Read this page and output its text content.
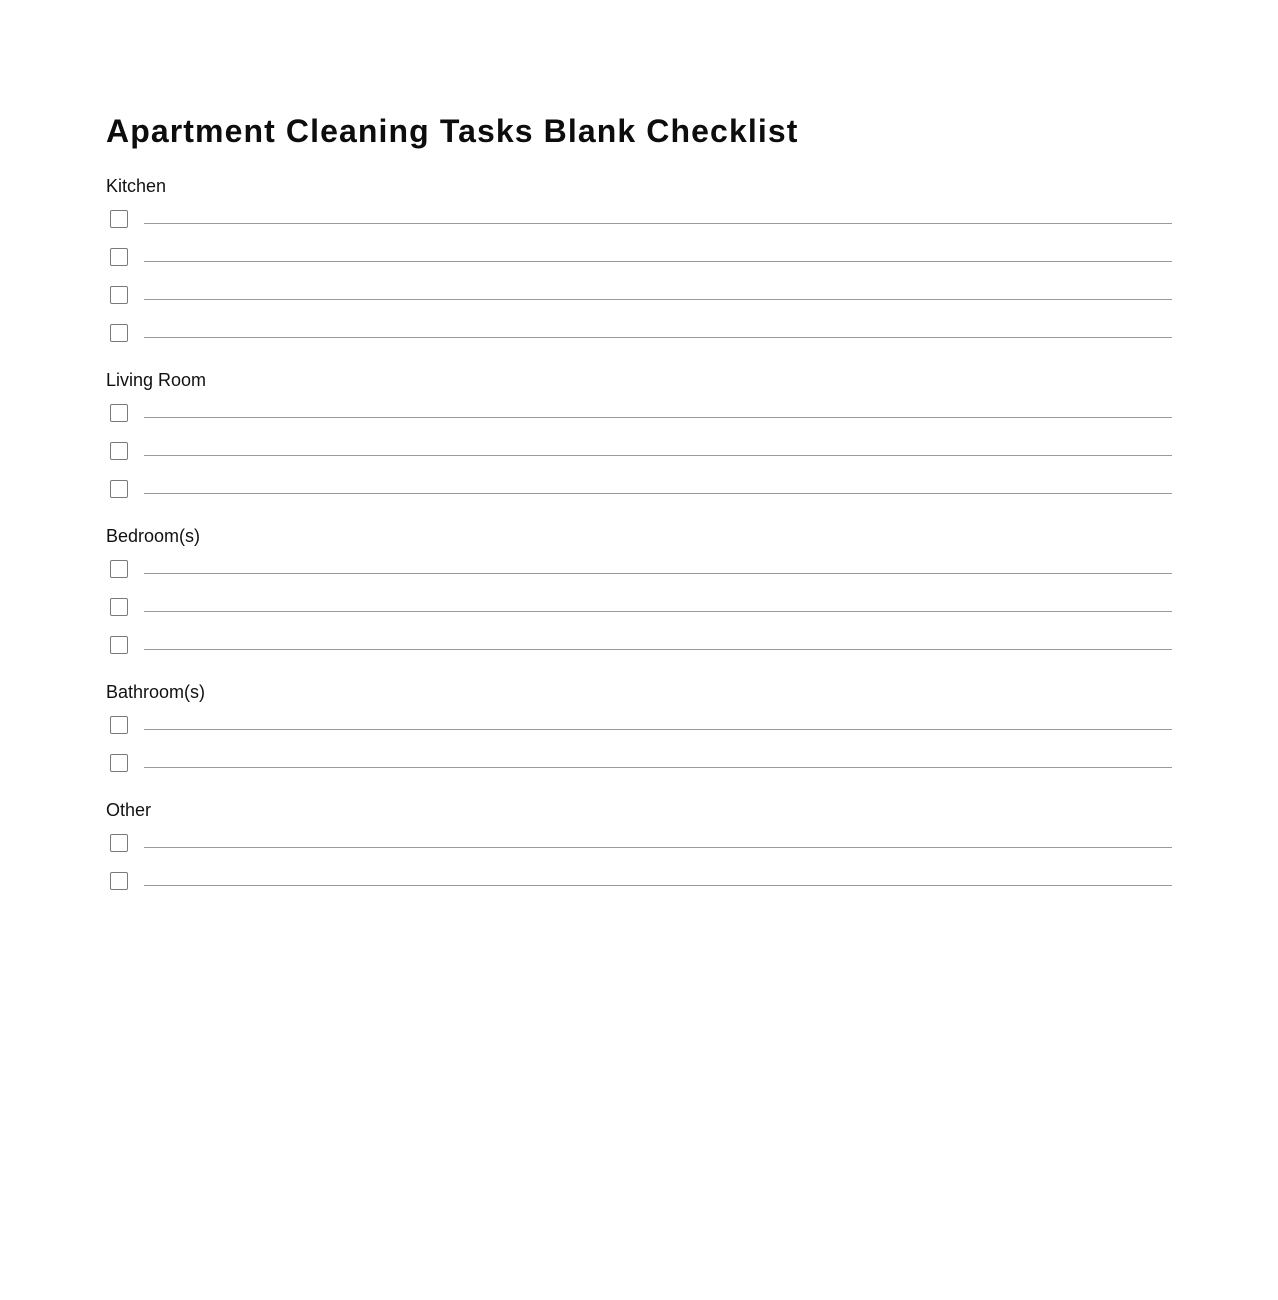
Apartment Cleaning Tasks Blank Checklist
Kitchen
Living Room
Bedroom(s)
Bathroom(s)
Other
